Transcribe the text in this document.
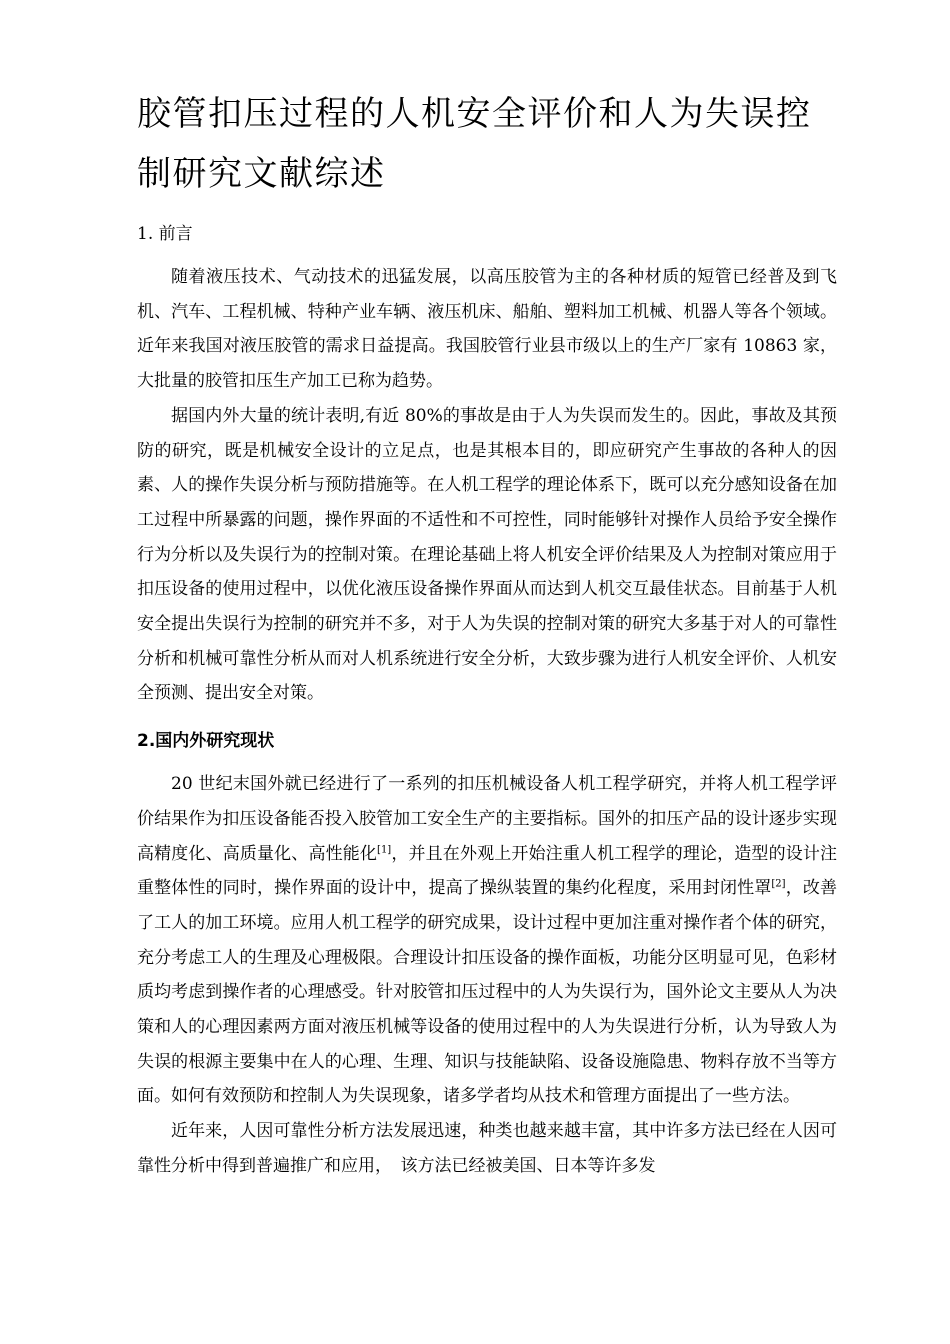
胶管扣压过程的人机安全评价和人为失误控制研究文献综述
1. 前言

随着液压技术、气动技术的迅猛发展，以高压胶管为主的各种材质的短管已经普及到飞机、汽车、工程机械、特种产业车辆、液压机床、船舶、塑料加工机械、机器人等各个领域。近年来我国对液压胶管的需求日益提高。我国胶管行业县市级以上的生产厂家有 10863 家，大批量的胶管扣压生产加工已称为趋势。

据国内外大量的统计表明,有近 80%的事故是由于人为失误而发生的。因此，事故及其预防的研究，既是机械安全设计的立足点，也是其根本目的，即应研究产生事故的各种人的因素、人的操作失误分析与预防措施等。在人机工程学的理论体系下，既可以充分感知设备在加工过程中所暴露的问题，操作界面的不适性和不可控性，同时能够针对操作人员给予安全操作行为分析以及失误行为的控制对策。在理论基础上将人机安全评价结果及人为控制对策应用于扣压设备的使用过程中，以优化液压设备操作界面从而达到人机交互最佳状态。目前基于人机安全提出失误行为控制的研究并不多，对于人为失误的控制对策的研究大多基于对人的可靠性分析和机械可靠性分析从而对人机系统进行安全分析，大致步骤为进行人机安全评价、人机安全预测、提出安全对策。

2.国内外研究现状

20 世纪末国外就已经进行了一系列的扣压机械设备人机工程学研究，并将人机工程学评价结果作为扣压设备能否投入胶管加工安全生产的主要指标。国外的扣压产品的设计逐步实现高精度化、高质量化、高性能化[1]，并且在外观上开始注重人机工程学的理论，造型的设计注重整体性的同时，操作界面的设计中，提高了操纵装置的集约化程度，采用封闭性罩[2]，改善了工人的加工环境。应用人机工程学的研究成果，设计过程中更加注重对操作者个体的研究，充分考虑工人的生理及心理极限。合理设计扣压设备的操作面板，功能分区明显可见，色彩材质均考虑到操作者的心理感受。针对胶管扣压过程中的人为失误行为，国外论文主要从人为决策和人的心理因素两方面对液压机械等设备的使用过程中的人为失误进行分析，认为导致人为失误的根源主要集中在人的心理、生理、知识与技能缺陷、设备设施隐患、物料存放不当等方面。如何有效预防和控制人为失误现象，诸多学者均从技术和管理方面提出了一些方法。

近年来，人因可靠性分析方法发展迅速，种类也越来越丰富，其中许多方法已经在人因可靠性分析中得到普遍推广和应用，　该方法已经被美国、日本等许多发
